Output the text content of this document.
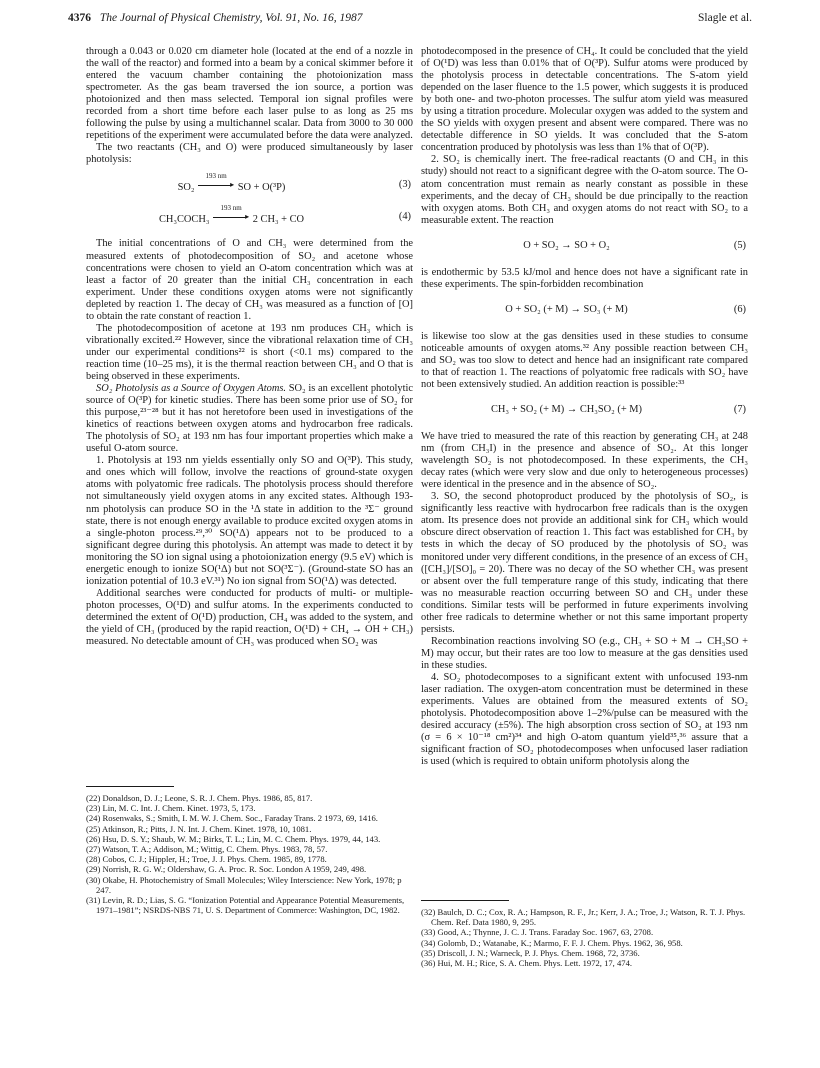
4376 The Journal of Physical Chemistry, Vol. 91, No. 16, 1987	Slagle et al.

through a 0.043 or 0.020 cm diameter hole (located at the end of a nozzle in the wall of the reactor) and formed into a beam by a conical skimmer before it entered the vacuum chamber containing the photoionization mass spectrometer. As the gas beam traversed the ion source, a portion was photoionized and then mass selected. Temporal ion signal profiles were recorded from a short time before each laser pulse to as long as 25 ms following the pulse by using a multichannel scalar. Data from 3000 to 30 000 repetitions of the experiment were accumulated before the data were analyzed.

The two reactants (CH₃ and O) were produced simultaneously by laser photolysis:

SO₂
193 nm
▸ SO + O(³P)	(3)
CH₃COCH₃
193 nm
▸ 2 CH₃ + CO	(4)

The initial concentrations of O and CH₃ were determined from the measured extents of photodecomposition of SO₂ and acetone whose concentrations were chosen to yield an O-atom concentration which was at least a factor of 20 greater than the initial CH₃ concentration in each experiment. Under these conditions oxygen atoms were not significantly depleted by reaction 1. The decay of CH₃ was measured as a function of [O] to obtain the rate constant of reaction 1.

The photodecomposition of acetone at 193 nm produces CH₃ which is vibrationally excited.²² However, since the vibrational relaxation time of CH₃ under our experimental conditions²² is short (<0.1 ms) compared to the reaction time (10–25 ms), it is the thermal reaction between CH₃ and O that is being observed in these experiments.

SO₂ Photolysis as a Source of Oxygen Atoms. SO₂ is an excellent photolytic source of O(³P) for kinetic studies. There has been some prior use of SO₂ for this purpose,²³⁻²⁸ but it has not heretofore been used in investigations of the kinetics of reactions between oxygen atoms and hydrocarbon free radicals. The photolysis of SO₂ at 193 nm has four important properties which make a useful O-atom source.

1. Photolysis at 193 nm yields essentially only SO and O(³P). This study, and ones which will follow, involve the reactions of ground-state oxygen atoms with polyatomic free radicals. The photolysis process should therefore not simultaneously yield oxygen atoms in any excited states. Although 193-nm photolysis can produce SO in the ¹Δ state in addition to the ³Σ⁻ ground state, there is not enough energy available to produce excited oxygen atoms in a single-photon process.²⁹,³⁰ SO(¹Δ) appears not to be produced to a significant degree during this photolysis. An attempt was made to detect it by monitoring the SO ion signal using a photoionization energy (9.5 eV) which is energetic enough to ionize SO(¹Δ) but not SO(³Σ⁻). (Ground-state SO has an ionization potential of 10.3 eV.³¹) No ion signal from SO(¹Δ) was detected.

Additional searches were conducted for products of multi- or multiple-photon processes, O(¹D) and sulfur atoms. In the experiments conducted to determined the extent of O(¹D) production, CH₄ was added to the system, and the yield of CH₃ (produced by the rapid reaction, O(¹D) + CH₄ → OH + CH₃) measured. No detectable amount of CH₃ was produced when SO₂ was

photodecomposed in the presence of CH₄. It could be concluded that the yield of O(¹D) was less than 0.01% that of O(³P). Sulfur atoms were produced by the photolysis process in detectable concentrations. The S-atom yield depended on the laser fluence to the 1.5 power, which suggests it is produced by both one- and two-photon processes. The sulfur atom yield was measured by using a titration procedure. Molecular oxygen was added to the system and the SO yields with oxygen present and absent were compared. There was no detectable difference in SO yields. It was concluded that the S-atom concentration produced by photolysis was less than 1% that of O(³P).

2. SO₂ is chemically inert. The free-radical reactants (O and CH₃ in this study) should not react to a significant degree with the O-atom source. The O-atom concentration must remain as nearly constant as possible in these experiments, and the decay of CH₃ should be due principally to the reaction with oxygen atoms. Both CH₃ and oxygen atoms do not react with SO₂ to a measurable extent. The reaction

O + SO₂ → SO + O₂	(5)

is endothermic by 53.5 kJ/mol and hence does not have a significant rate in these experiments. The spin-forbidden recombination

O + SO₂ (+ M) → SO₃ (+ M)	(6)

is likewise too slow at the gas densities used in these studies to consume noticeable amounts of oxygen atoms.³² Any possible reaction between CH₃ and SO₂ was too slow to detect and hence had an insignificant rate compared to that of reaction 1. The reactions of polyatomic free radicals with SO₂ have not been extensively studied. An addition reaction is possible:³³

CH₃ + SO₂ (+ M) → CH₃SO₂ (+ M)	(7)

We have tried to measured the rate of this reaction by generating CH₃ at 248 nm (from CH₃I) in the presence and absence of SO₂. At this longer wavelength SO₂ is not photodecomposed. In these experiments, the CH₃ decay rates (which were very slow and due only to heterogeneous processes) were identical in the presence and in the absence of SO₂.

3. SO, the second photoproduct produced by the photolysis of SO₂, is significantly less reactive with hydrocarbon free radicals than is the oxygen atom. Its presence does not provide an additional sink for CH₃ which would obscure direct observation of reaction 1. This fact was established for CH₃ by tests in which the decay of SO produced by the photolysis of SO₂ was monitored under very different conditions, in the presence of an excess of CH₃ ([CH₃]/[SO]₀ = 20). There was no decay of the SO whether CH₃ was present or absent over the full temperature range of this study, indicating that there was no measurable reaction occurring between SO and CH₃ under these conditions. Similar tests will be performed in future experiments involving other free radicals to determine whether or not this same important property persists.

Recombination reactions involving SO (e.g., CH₃ + SO + M → CH₃SO + M) may occur, but their rates are too low to measure at the gas densities used in these studies.

4. SO₂ photodecomposes to a significant extent with unfocused 193-nm laser radiation. The oxygen-atom concentration must be determined in these experiments. Values are obtained from the measured extents of SO₂ photolysis. Photodecomposition above 1–2%/pulse can be measured with the desired accuracy (±5%). The high absorption cross section of SO₂ at 193 nm (σ = 6 × 10⁻¹⁸ cm²)³⁴ and high O-atom quantum yield³⁵,³⁶ assure that a significant fraction of SO₂ photodecomposes when unfocused laser radiation is used (which is required to obtain uniform photolysis along the

(22) Donaldson, D. J.; Leone, S. R. J. Chem. Phys. 1986, 85, 817.

(23) Lin, M. C. Int. J. Chem. Kinet. 1973, 5, 173.

(24) Rosenwaks, S.; Smith, I. M. W. J. Chem. Soc., Faraday Trans. 2 1973, 69, 1416.

(25) Atkinson, R.; Pitts, J. N. Int. J. Chem. Kinet. 1978, 10, 1081.

(26) Hsu, D. S. Y.; Shaub, W. M.; Birks, T. L.; Lin, M. C. Chem. Phys. 1979, 44, 143.

(27) Watson, T. A.; Addison, M.; Wittig, C. Chem. Phys. 1983, 78, 57.

(28) Cobos, C. J.; Hippler, H.; Troe, J. J. Phys. Chem. 1985, 89, 1778.

(29) Norrish, R. G. W.; Oldershaw, G. A. Proc. R. Soc. London A 1959, 249, 498.

(30) Okabe, H. Photochemistry of Small Molecules; Wiley Interscience: New York, 1978; p 247.

(31) Levin, R. D.; Lias, S. G. “Ionization Potential and Appearance Potential Measurements, 1971–1981”; NSRDS-NBS 71, U. S. Department of Commerce: Washington, DC, 1982.	(32) Baulch, D. C.; Cox, R. A.; Hampson, R. F., Jr.; Kerr, J. A.; Troe, J.; Watson, R. T. J. Phys. Chem. Ref. Data 1980, 9, 295.

(33) Good, A.; Thynne, J. C. J. Trans. Faraday Soc. 1967, 63, 2708.

(34) Golomb, D.; Watanabe, K.; Marmo, F. F. J. Chem. Phys. 1962, 36, 958.

(35) Driscoll, J. N.; Warneck, P. J. Phys. Chem. 1968, 72, 3736.

(36) Hui, M. H.; Rice, S. A. Chem. Phys. Lett. 1972, 17, 474.
